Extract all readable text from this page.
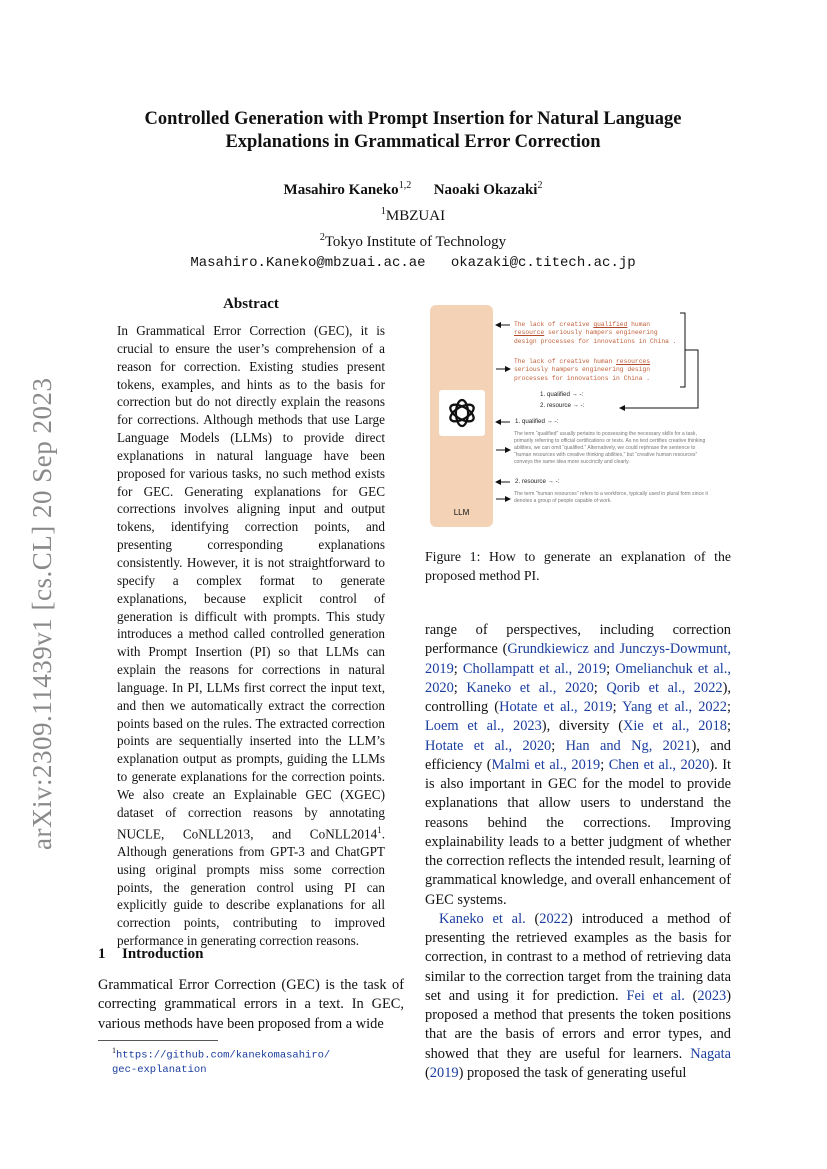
arXiv:2309.11439v1 [cs.CL] 20 Sep 2023
Controlled Generation with Prompt Insertion for Natural Language
Explanations in Grammatical Error Correction
Masahiro Kaneko$^{1,2}$ Naoaki Okazaki$^2$
$^1$MBZUAI
$^2$Tokyo Institute of Technology
Masahiro.Kaneko@mbzuai.ac.ae okazaki@c.titech.ac.jp
Abstract
In Grammatical Error Correction (GEC), it is crucial to ensure the user’s comprehension of a reason for correction. Existing studies present tokens, examples, and hints as to the basis for correction but do not directly explain the reasons for corrections. Although methods that use Large Language Models (LLMs) to provide direct explanations in natural language have been proposed for various tasks, no such method exists for GEC. Generating explanations for GEC corrections involves aligning input and output tokens, identifying correction points, and presenting corresponding explanations consistently. However, it is not straightforward to specify a complex format to generate explanations, because explicit control of generation is difficult with prompts. This study introduces a method called controlled generation with Prompt Insertion (PI) so that LLMs can explain the reasons for corrections in natural language. In PI, LLMs first correct the input text, and then we automatically extract the correction points based on the rules. The extracted correction points are sequentially inserted into the LLM’s explanation output as prompts, guiding the LLMs to generate explanations for the correction points. We also create an Explainable GEC (XGEC) dataset of correction reasons by annotating NUCLE, CoNLL2013, and CoNLL2014$^1$. Although generations from GPT-3 and ChatGPT using original prompts miss some correction points, the generation control using PI can explicitly guide to describe explanations for all correction points, contributing to improved performance in generating correction reasons.
1 Introduction
Grammatical Error Correction (GEC) is the task of correcting grammatical errors in a text. In GEC, various methods have been proposed from a wide
$^1$https://github.com/kanekomasahiro/
gec-explanation
LLM
The lack of creative qualified human
resource seriously hampers engineering
design processes for innovations in China .
The lack of creative human resources
seriously hampers engineering design
processes for innovations in China .
1. qualified → -:
2. resource → -:
1. qualified → -:
The term “qualified” usually pertains to possessing the necessary skills for a task, primarily referring to official certifications or tests. As no test certifies creative thinking abilities, we can omit “qualified.” Alternatively, we could rephrase the sentence to “human resources with creative thinking abilities,” but “creative human resources” conveys the same idea more succinctly and clearly.
2. resource → -:
The term “human resources” refers to a workforce, typically used in plural form since it denotes a group of people capable of work.
Figure 1: How to generate an explanation of the proposed method PI.

range of perspectives, including correction performance (Grundkiewicz and Junczys-Dowmunt, 2019; Chollampatt et al., 2019; Omelianchuk et al., 2020; Kaneko et al., 2020; Qorib et al., 2022), controlling (Hotate et al., 2019; Yang et al., 2022; Loem et al., 2023), diversity (Xie et al., 2018; Hotate et al., 2020; Han and Ng, 2021), and efficiency (Malmi et al., 2019; Chen et al., 2020). It is also important in GEC for the model to provide explanations that allow users to understand the reasons behind the corrections. Improving explainability leads to a better judgment of whether the correction reflects the intended result, learning of grammatical knowledge, and overall enhancement of GEC systems.

Kaneko et al. (2022) introduced a method of presenting the retrieved examples as the basis for correction, in contrast to a method of retrieving data similar to the correction target from the training data set and using it for prediction. Fei et al. (2023) proposed a method that presents the token positions that are the basis of errors and error types, and showed that they are useful for learners. Nagata (2019) proposed the task of generating useful
